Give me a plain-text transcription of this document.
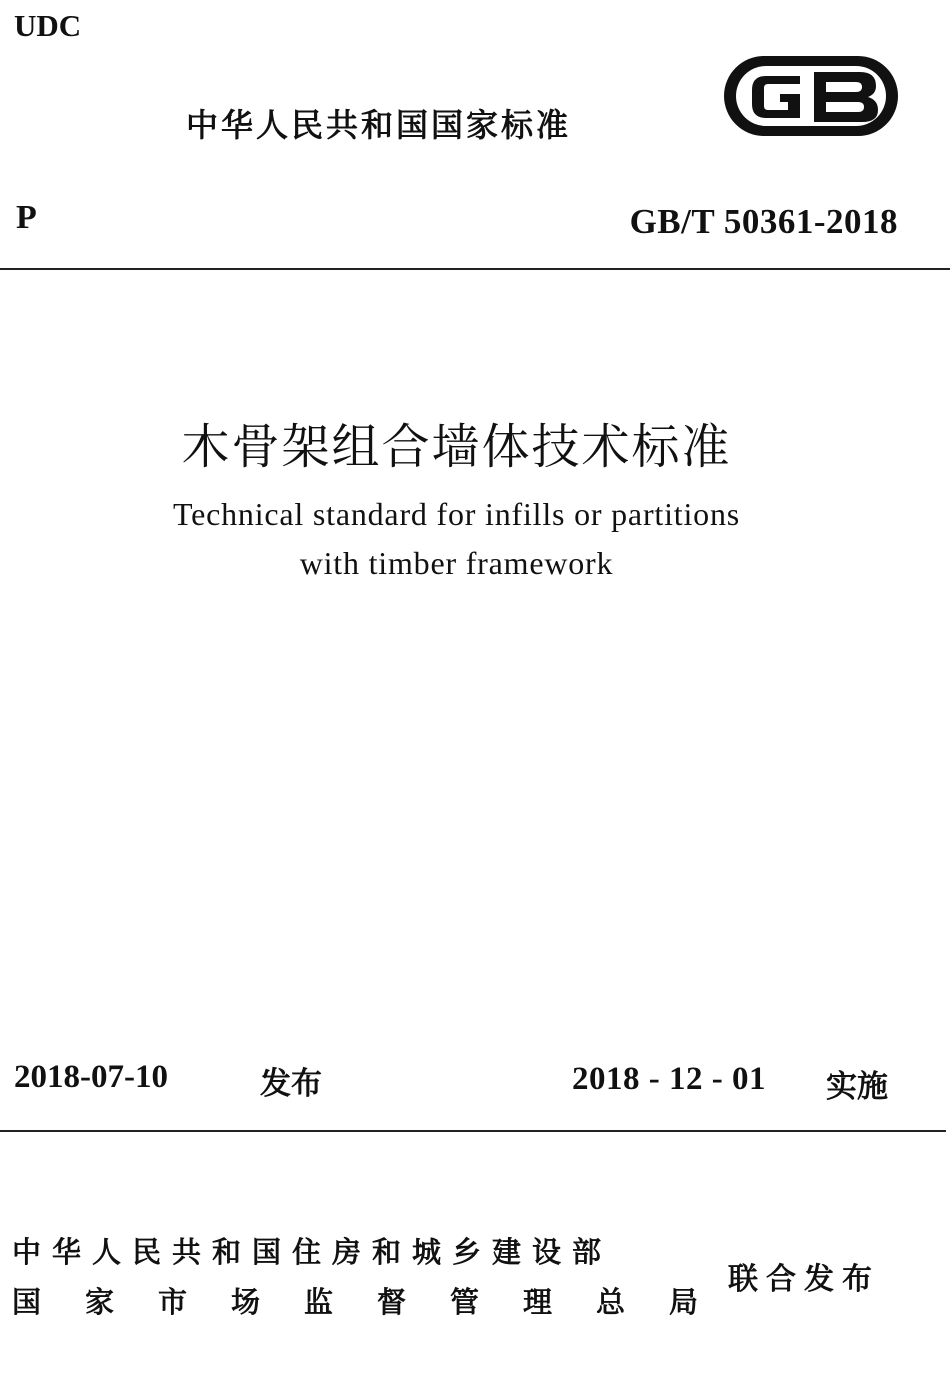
UDC
中华人民共和国国家标准
P	GB/T 50361-2018
木骨架组合墙体技术标准
Technical standard for infills or partitions
with timber framework
2018-07-10	发布	2018 - 12 - 01 实施
中华人民共和国住房和城乡建设部
国家市场监督管理总局
联合发布
